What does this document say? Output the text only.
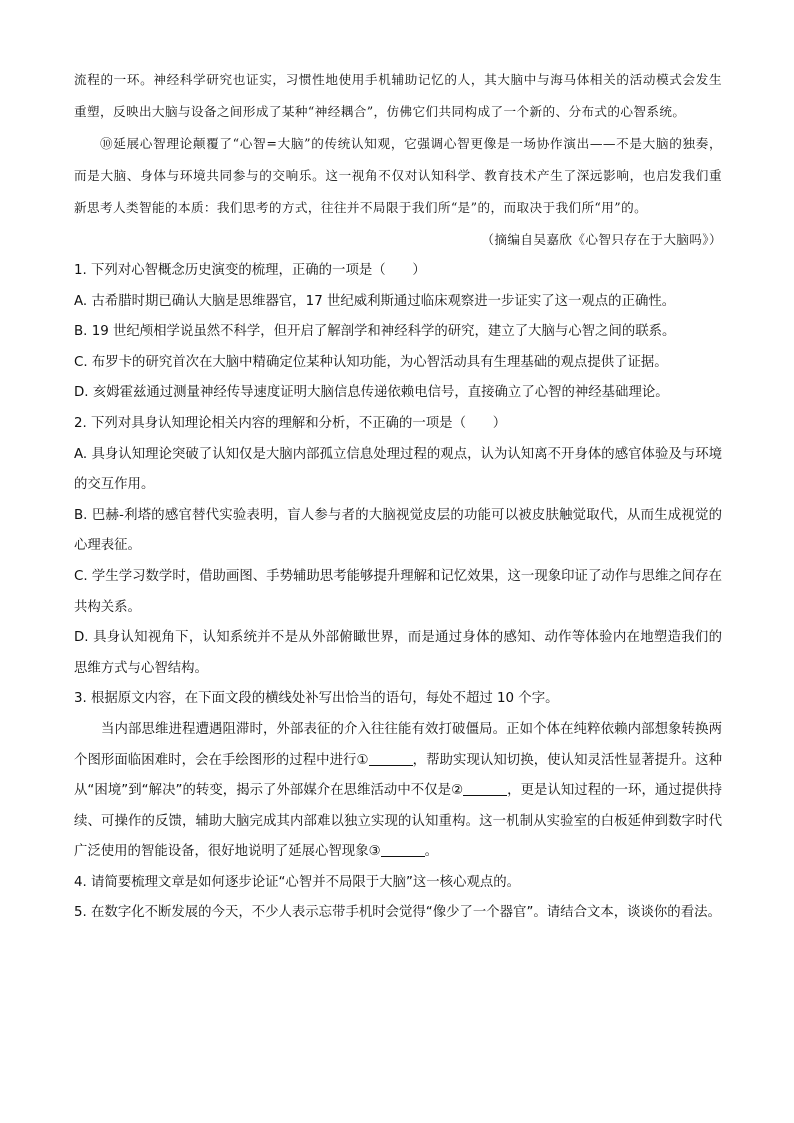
流程的一环。神经科学研究也证实，习惯性地使用手机辅助记忆的人，其大脑中与海马体相关的活动模式会发生重塑，反映出大脑与设备之间形成了某种“神经耦合”，仿佛它们共同构成了一个新的、分布式的心智系统。

⑩延展心智理论颠覆了“心智=大脑”的传统认知观，它强调心智更像是一场协作演出——不是大脑的独奏，而是大脑、身体与环境共同参与的交响乐。这一视角不仅对认知科学、教育技术产生了深远影响，也启发我们重新思考人类智能的本质：我们思考的方式，往往并不局限于我们所“是”的，而取决于我们所“用”的。

（摘编自吴嘉欣《心智只存在于大脑吗》）

1. 下列对心智概念历史演变的梳理，正确的一项是（　　）

A. 古希腊时期已确认大脑是思维器官，17 世纪威利斯通过临床观察进一步证实了这一观点的正确性。

B. 19 世纪颅相学说虽然不科学，但开启了解剖学和神经科学的研究，建立了大脑与心智之间的联系。

C. 布罗卡的研究首次在大脑中精确定位某种认知功能，为心智活动具有生理基础的观点提供了证据。

D. 亥姆霍兹通过测量神经传导速度证明大脑信息传递依赖电信号，直接确立了心智的神经基础理论。

2. 下列对具身认知理论相关内容的理解和分析，不正确的一项是（　　）

A. 具身认知理论突破了认知仅是大脑内部孤立信息处理过程的观点，认为认知离不开身体的感官体验及与环境的交互作用。

B. 巴赫-利塔的感官替代实验表明，盲人参与者的大脑视觉皮层的功能可以被皮肤触觉取代，从而生成视觉的心理表征。

C. 学生学习数学时，借助画图、手势辅助思考能够提升理解和记忆效果，这一现象印证了动作与思维之间存在共构关系。

D. 具身认知视角下，认知系统并不是从外部俯瞰世界，而是通过身体的感知、动作等体验内在地塑造我们的思维方式与心智结构。

3. 根据原文内容，在下面文段的横线处补写出恰当的语句，每处不超过 10 个字。

当内部思维进程遭遇阻滞时，外部表征的介入往往能有效打破僵局。正如个体在纯粹依赖内部想象转换两个图形面临困难时，会在手绘图形的过程中进行①	，帮助实现认知切换，使认知灵活性显著提升。这种从“困境”到“解决”的转变，揭示了外部媒介在思维活动中不仅是②	，更是认知过程的一环，通过提供持续、可操作的反馈，辅助大脑完成其内部难以独立实现的认知重构。这一机制从实验室的白板延伸到数字时代广泛使用的智能设备，很好地说明了延展心智现象③	。

4. 请简要梳理文章是如何逐步论证“心智并不局限于大脑”这一核心观点的。

5. 在数字化不断发展的今天，不少人表示忘带手机时会觉得“像少了一个器官”。请结合文本，谈谈你的看法。
